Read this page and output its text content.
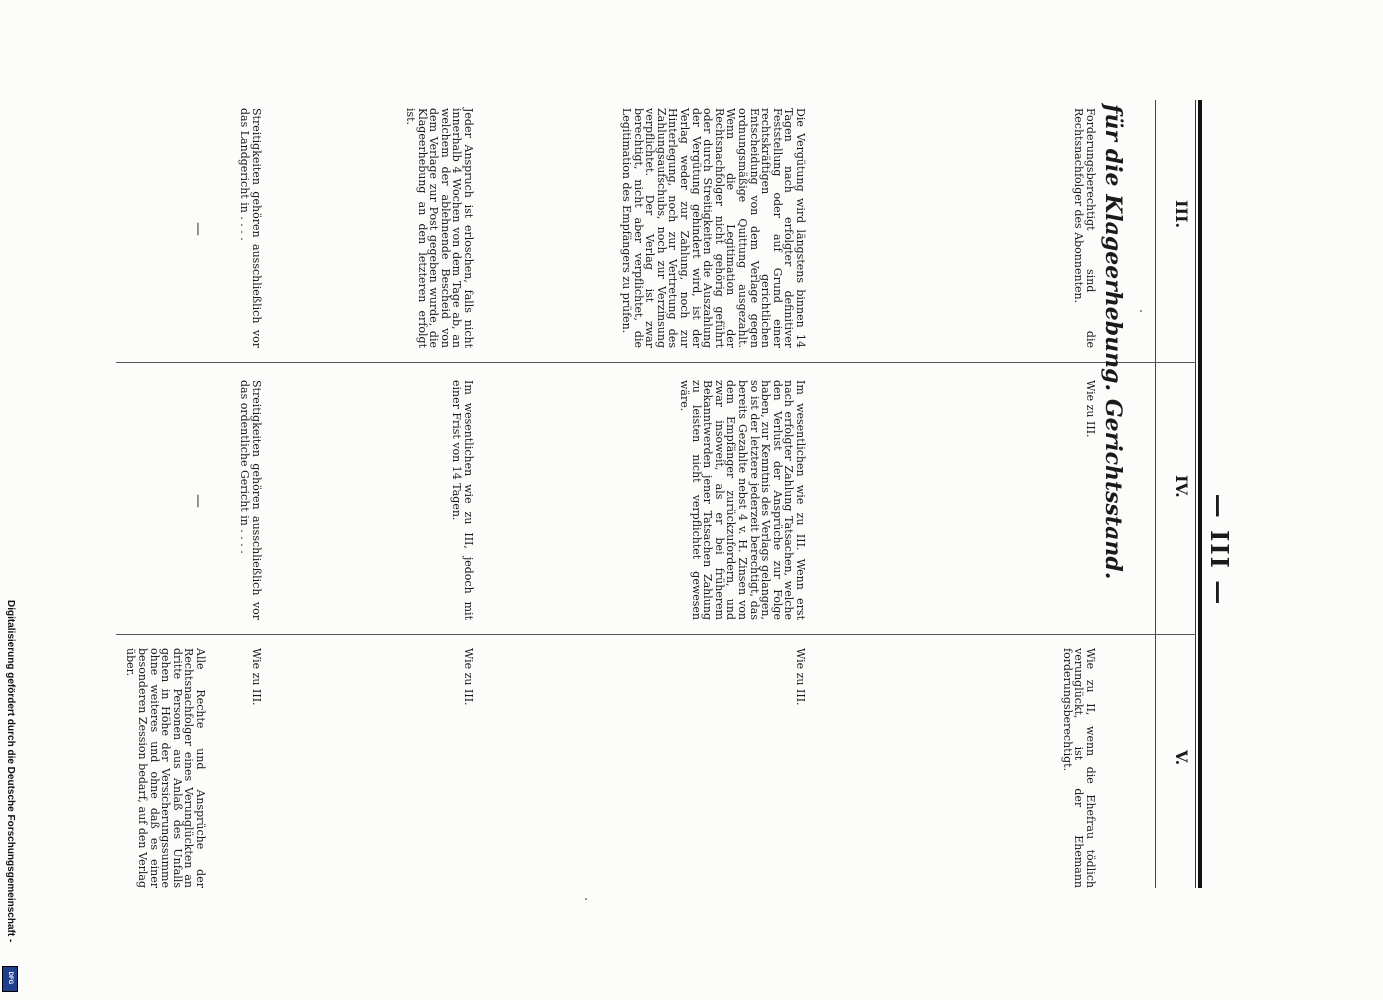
— III —
III.
IV.
V.
für die Klageerhebung. Gerichtsstand.
Forderungsberechtigt sind die Rechtsnachfolger des Abonnenten.
Wie zu III.
Wie zu II, wenn die Ehefrau tödlich verunglückt, ist der Ehemann forderungsberechtigt.
Die Vergütung wird längstens binnen 14 Tagen nach erfolgter definitiver Feststellung oder auf Grund einer rechtskräftigen gerichtlichen Entscheidung von dem Verlage gegen ordnungsmäßige Quittung ausgezahlt. Wenn die Legitimation der Rechtsnachfolger nicht gehörig geführt oder durch Streitigkeiten die Auszahlung der Vergütung gehindert wird, ist der Verlag weder zur Zahlung, noch zur Hinterlegung, noch zur Vertretung des Zahlungsaufschubs, noch zur Verzinsung verpflichtet. Der Verlag ist zwar berechtigt, nicht aber verpflichtet, die Legitimation des Empfängers zu prüfen.
Im wesentlichen wie zu III. Wenn erst nach erfolgter Zahlung Tatsachen, welche den Verlust der Ansprüche zur Folge haben, zur Kenntnis des Verlags gelangen, so ist der letztere jederzeit berechtigt, das bereits Gezahlte nebst 4 v. H. Zinsen von dem Empfänger zurückzufordern, und zwar insoweit, als er bei früherem Bekanntwerden jener Tatsachen Zahlung zu leisten nicht verpflichtet gewesen wäre.
Wie zu III.
Jeder Anspruch ist erloschen, falls nicht innerhalb 4 Wochen von dem Tage ab, an welchem der ablehnende Bescheid von dem Verlage zur Post gegeben wurde, die Klageerhebung an den letzteren erfolgt ist.
Im wesentlichen wie zu III, jedoch mit einer Frist von 14 Tagen.
Wie zu III.
Streitigkeiten gehören ausschließlich vor das Landgericht in . . . .
Streitigkeiten gehören ausschließlich vor das ordentliche Gericht in . . . .
Wie zu III.
—
—
Alle Rechte und Ansprüche der Rechtsnachfolger eines Verunglückten an dritte Personen aus Anlaß des Unfalls gehen in Höhe der Versicherungssumme ohne weiteres und ohne daß es einer besonderen Zession bedarf, auf den Verlag über.
Digitalisierung gefördert durch die Deutsche Forschungsgemeinschaft -
DFG
